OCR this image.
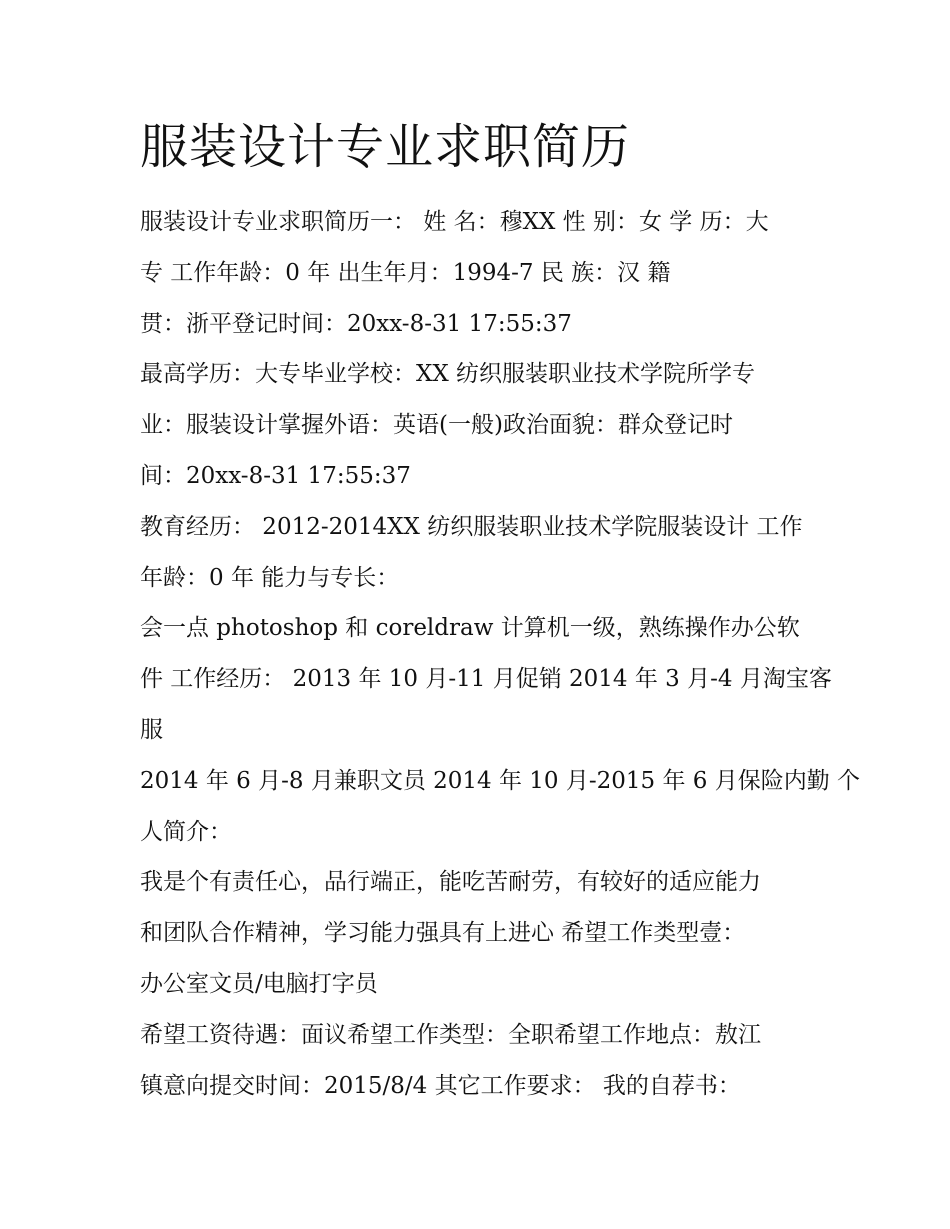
服装设计专业求职简历
服装设计专业求职简历一： 姓 名：穆XX 性 别：女 学 历：大
专 工作年龄：0 年 出生年月：1994-7 民 族：汉 籍
贯：浙平登记时间：20xx-8-31 17:55:37
最高学历：大专毕业学校：XX 纺织服装职业技术学院所学专
业：服装设计掌握外语：英语(一般)政治面貌：群众登记时
间：20xx-8-31 17:55:37
教育经历： 2012-2014XX 纺织服装职业技术学院服装设计 工作
年龄：0 年 能力与专长：
会一点 photoshop 和 coreldraw 计算机一级，熟练操作办公软
件 工作经历： 2013 年 10 月-11 月促销 2014 年 3 月-4 月淘宝客
服
2014 年 6 月-8 月兼职文员 2014 年 10 月-2015 年 6 月保险内勤 个
人简介：
我是个有责任心，品行端正，能吃苦耐劳，有较好的适应能力
和团队合作精神，学习能力强具有上进心 希望工作类型壹：
办公室文员/电脑打字员
希望工资待遇：面议希望工作类型：全职希望工作地点：敖江
镇意向提交时间：2015/8/4 其它工作要求： 我的自荐书：
